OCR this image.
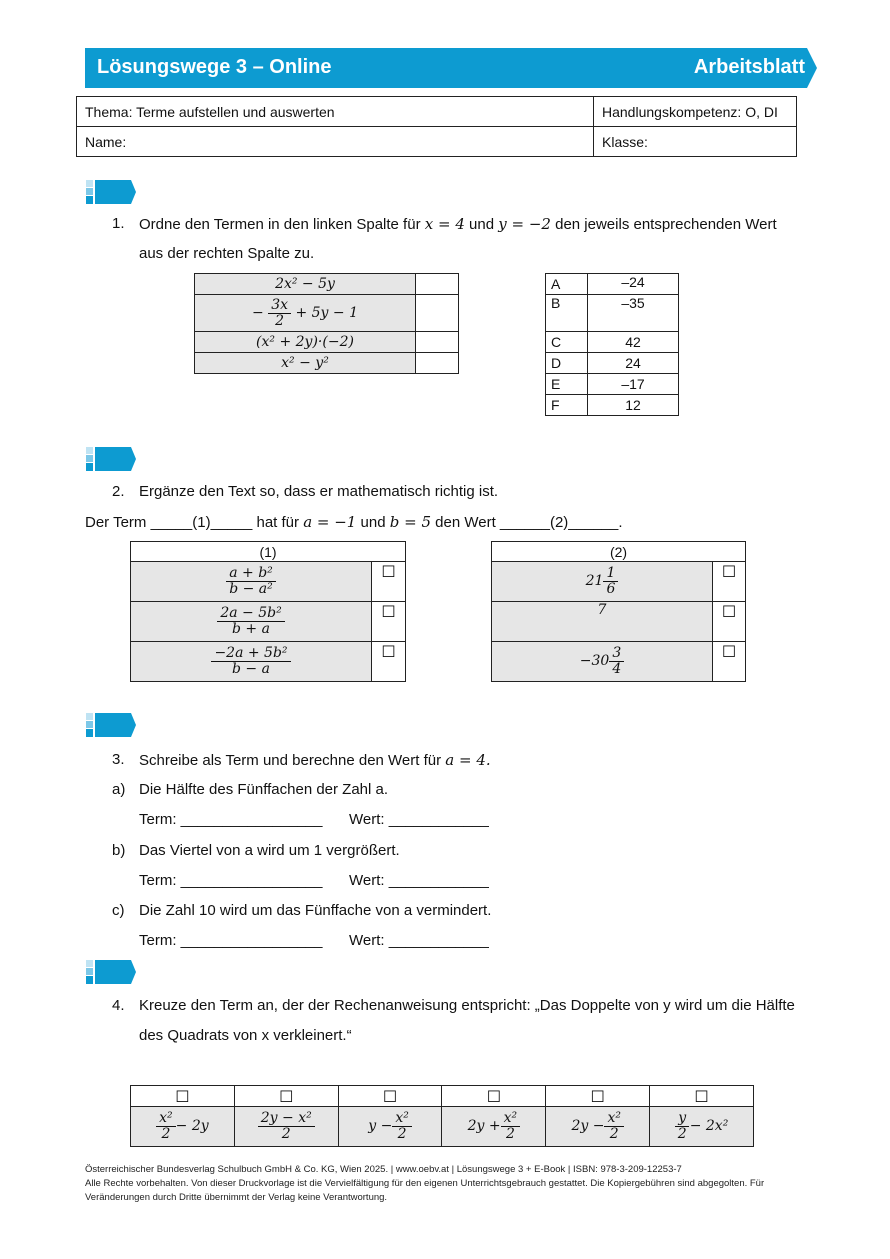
Lösungswege 3 – Online	Arbeitsblatt
Thema: Terme aufstellen und auswerten	Handlungskompetenz: O, DI
Name:	Klasse:
1. Ordne den Termen in den linken Spalte für x = 4 und y = −2 den jeweils entsprechenden Wert
aus der rechten Spalte zu.
2x² − 5y	
− $\frac{3x}{2} + 5y - 1$	
(x² + 2y)·(−2)	
x² − y²	
A	–24
B	–35
C	42
D	24
E	–17
F	12
2. Ergänze den Text so, dass er mathematisch richtig ist.
Der Term _____(1)_____ hat für a = −1 und b = 5 den Wert ______(2)______.
(1)	

$\frac{\text{a + b²}}{\text{b − a²}}$	☐

$\frac{\text{2a − 5b²}}{b + a}$	☐

$\frac{\text{−2a + 5b²}}{b - a}$	☐
(2)	
$21 \frac{1}{6}$	☐
7	☐
$-30 \frac{3}{4}$	☐
3. Schreibe als Term und berechne den Wert für a = 4.
a) Die Hälfte des Fünffachen der Zahl a.
Term: _________________ Wert: ____________
b) Das Viertel von a wird um 1 vergrößert.
Term: _________________ Wert: ____________
c) Die Zahl 10 wird um das Fünffache von a vermindert.
Term: _________________ Wert: ____________
4. Kreuze den Term an, der der Rechenanweisung entspricht: „Das Doppelte von y wird um die Hälfte
des Quadrats von x verkleinert.“
☐	☐	☐	☐	☐	☐

$\frac{\text{x²}}{2} - 2y$	$\frac{\text{2y − x²}}{2}$	$y - \frac{\text{x²}}{2}$	$2y + \frac{\text{x²}}{2}$	$2y - \frac{\text{x²}}{2}$	$\frac{y}{2} - 2x^2$
Österreichischer Bundesverlag Schulbuch GmbH & Co. KG, Wien 2025. | www.oebv.at | Lösungswege 3 + E-Book | ISBN: 978-3-209-12253-7
Alle Rechte vorbehalten. Von dieser Druckvorlage ist die Vervielfältigung für den eigenen Unterrichtsgebrauch gestattet. Die Kopiergebühren sind abgegolten. Für
Veränderungen durch Dritte übernimmt der Verlag keine Verantwortung.
